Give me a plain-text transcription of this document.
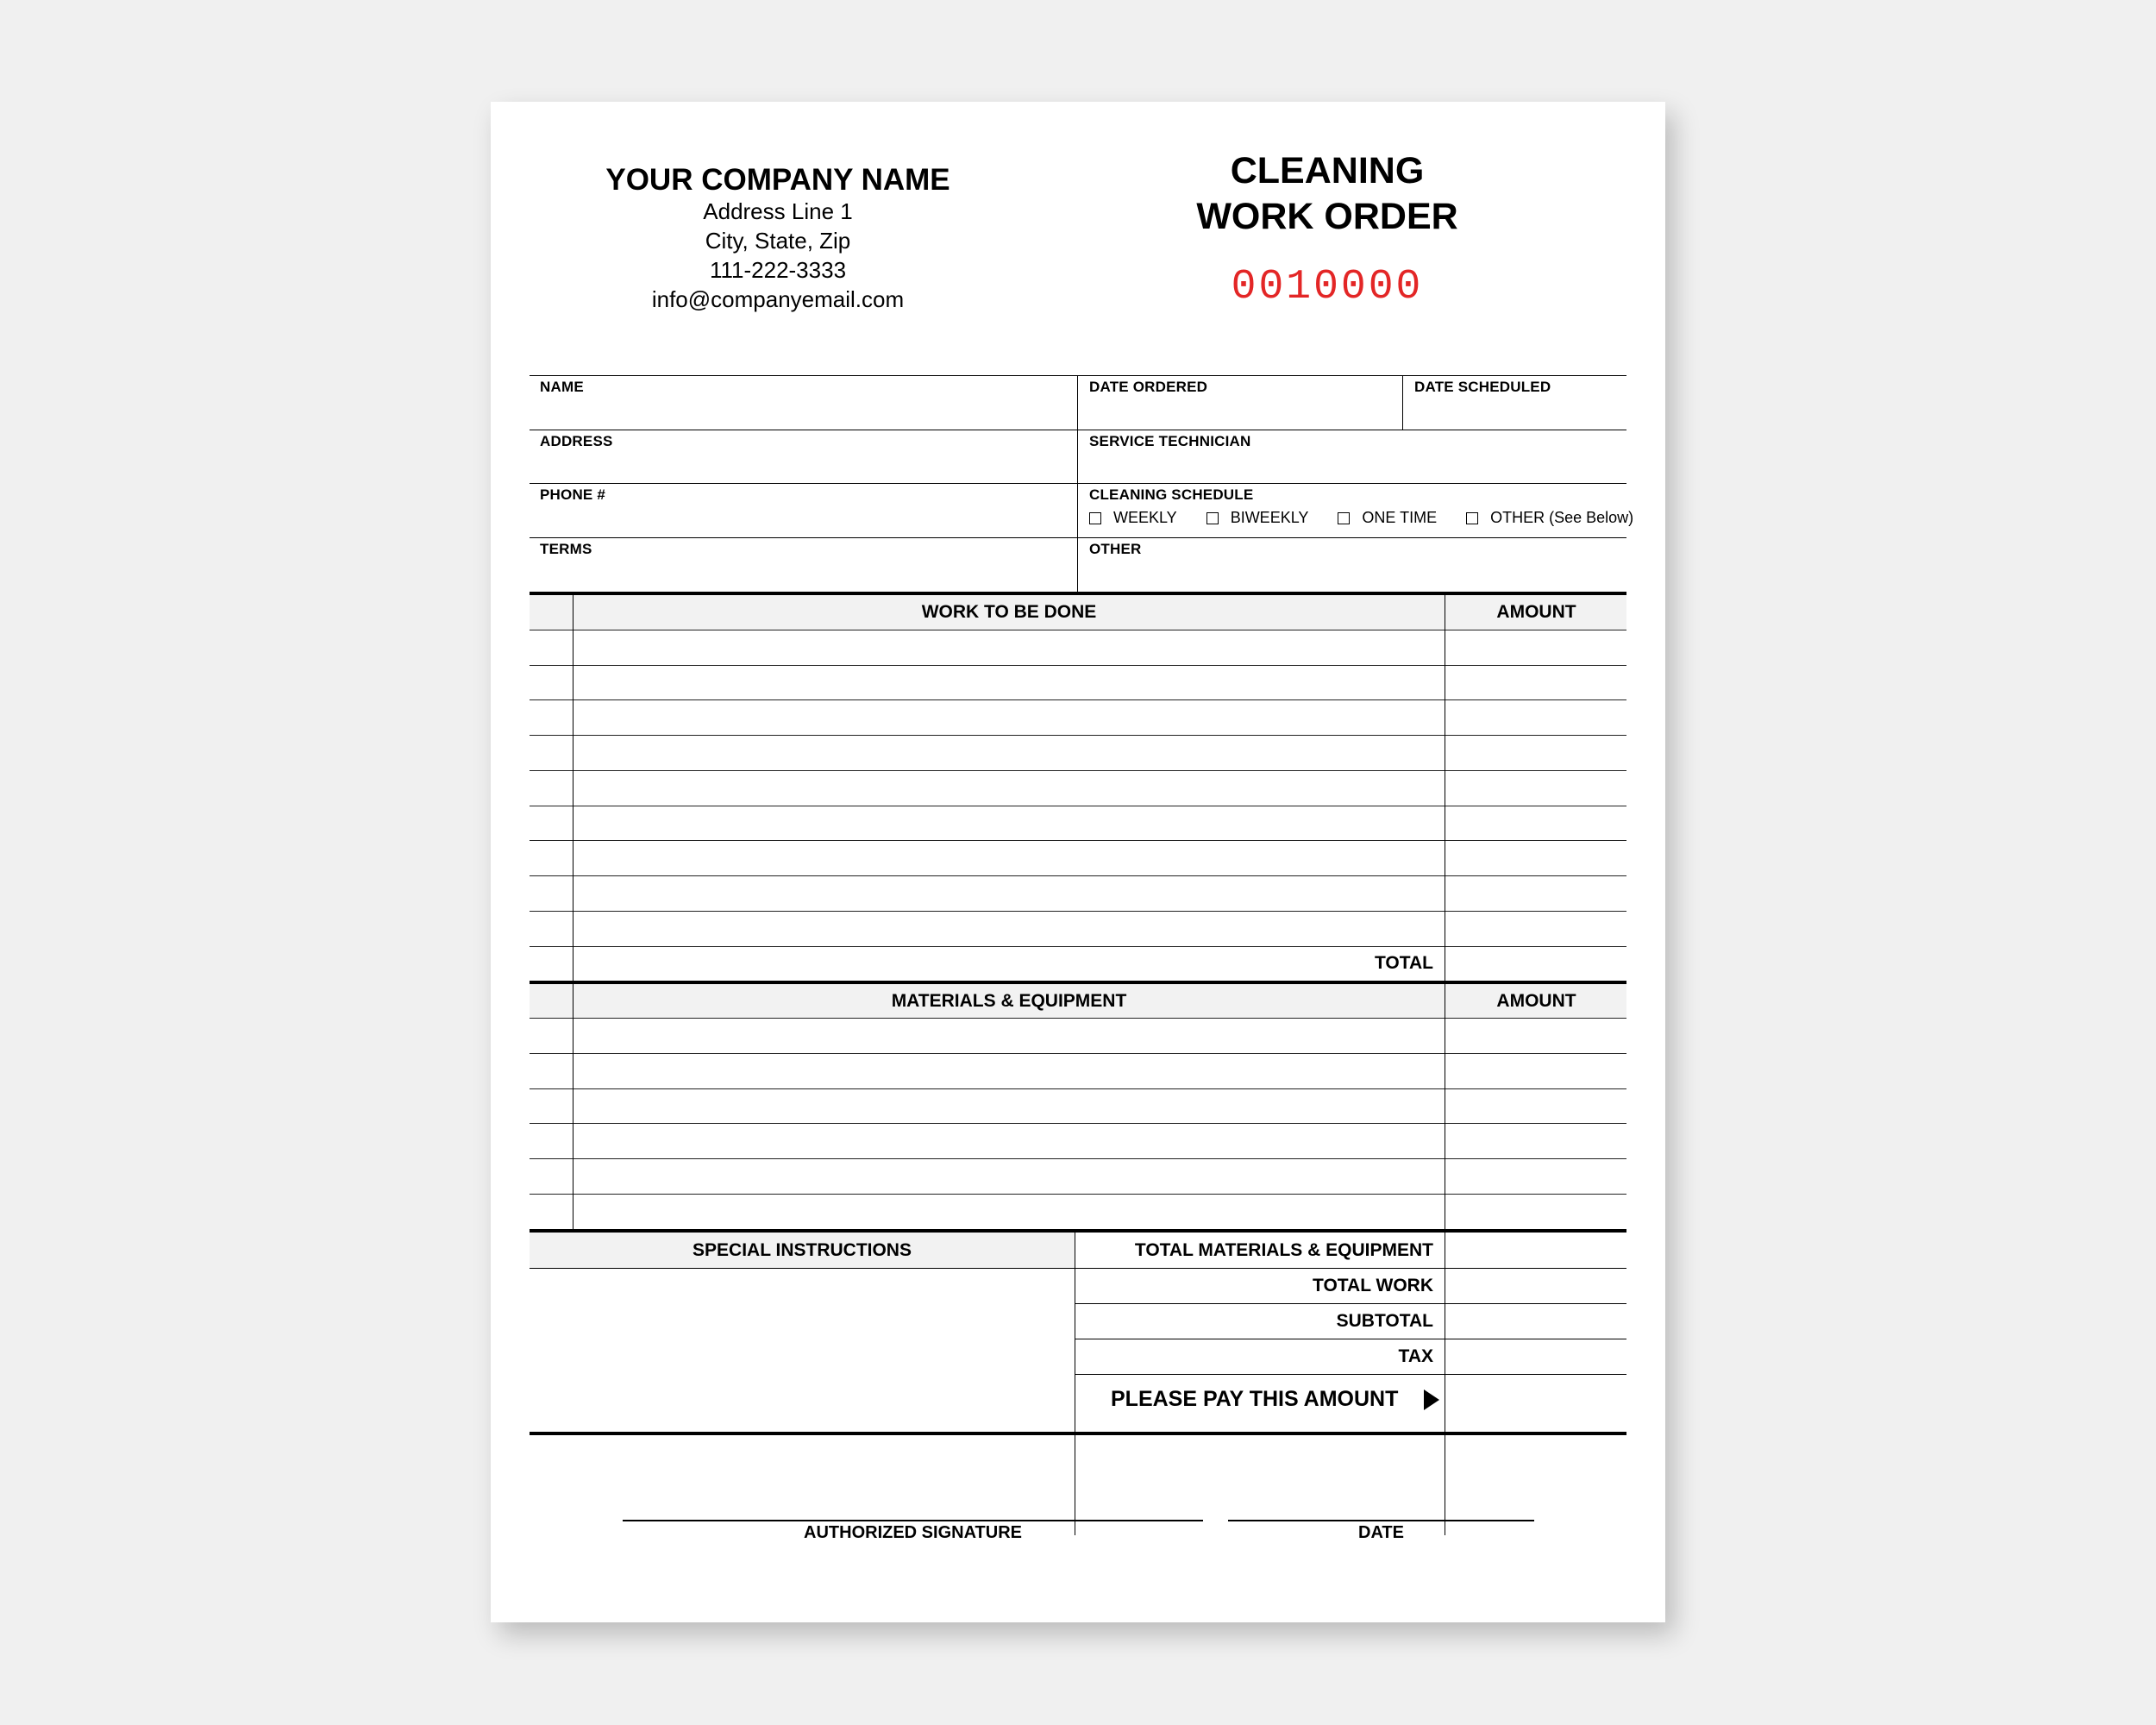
YOUR COMPANY NAME
Address Line 1
City, State, Zip
111-222-3333
info@companyemail.com
CLEANING
WORK ORDER
0010000
NAME	DATE ORDERED	DATE SCHEDULED
ADDRESS	SERVICE TECHNICIAN
PHONE #	CLEANING SCHEDULE
TERMS	OTHER
WEEKLY	BIWEEKLY	ONE TIME	OTHER (See Below)
WORK TO BE DONE	AMOUNT
TOTAL
MATERIALS & EQUIPMENT	AMOUNT
SPECIAL INSTRUCTIONS	TOTAL MATERIALS & EQUIPMENT
TOTAL WORK
SUBTOTAL
TAX
PLEASE PAY THIS AMOUNT
AUTHORIZED SIGNATURE	DATE
